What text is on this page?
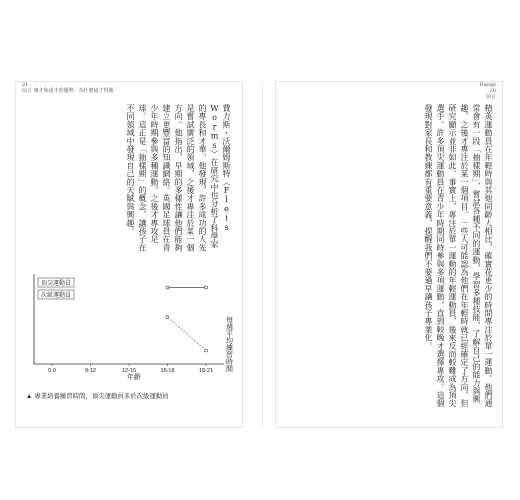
21
前言 專才和通才的優勢：為什麼通才得勝
費力斯・沃爾姆斯特（Fleis Worms）在研究中也分析了科學家的專長和才華。他發現，許多成功的人先是嘗試廣泛的領域，之後才專注於某一個方向。他指出，早期的多樣性讓他們能夠建立更豐富的知識網絡。英國足球員在青少年時期參與多種運動，之後才專攻足球。這正是「抽樣期」的概念，讓孩子在不同領域中發現自己的天賦與興趣。
0-9	9-12	12-15	15-18	18-21
頂尖運動員
次級運動員
年齡
每週平均練習時間
▲ 專業培養練習時間，頂尖運動員多於次級運動員
Range
20
前言
精英運動員在年輕時與其他同齡人相比，確實花更少的時間專注於單一運動。他們通常會有一段「抽樣期」，嘗試各種不同的運動，學習多種技能，了解自己的能力與興趣，之後才專注於某一個項目。一些人可能認為他們在年輕時就已經確定了方向，但研究顯示並非如此。事實上，專注於單一運動的年輕運動員，後來反而較難成為頂尖選手。許多頂尖運動員在青少年時期同時參與多項運動，直到較晚才選擇專攻。這個發現對家長和教練都有重要意義，提醒我們不要過早讓孩子專業化。
